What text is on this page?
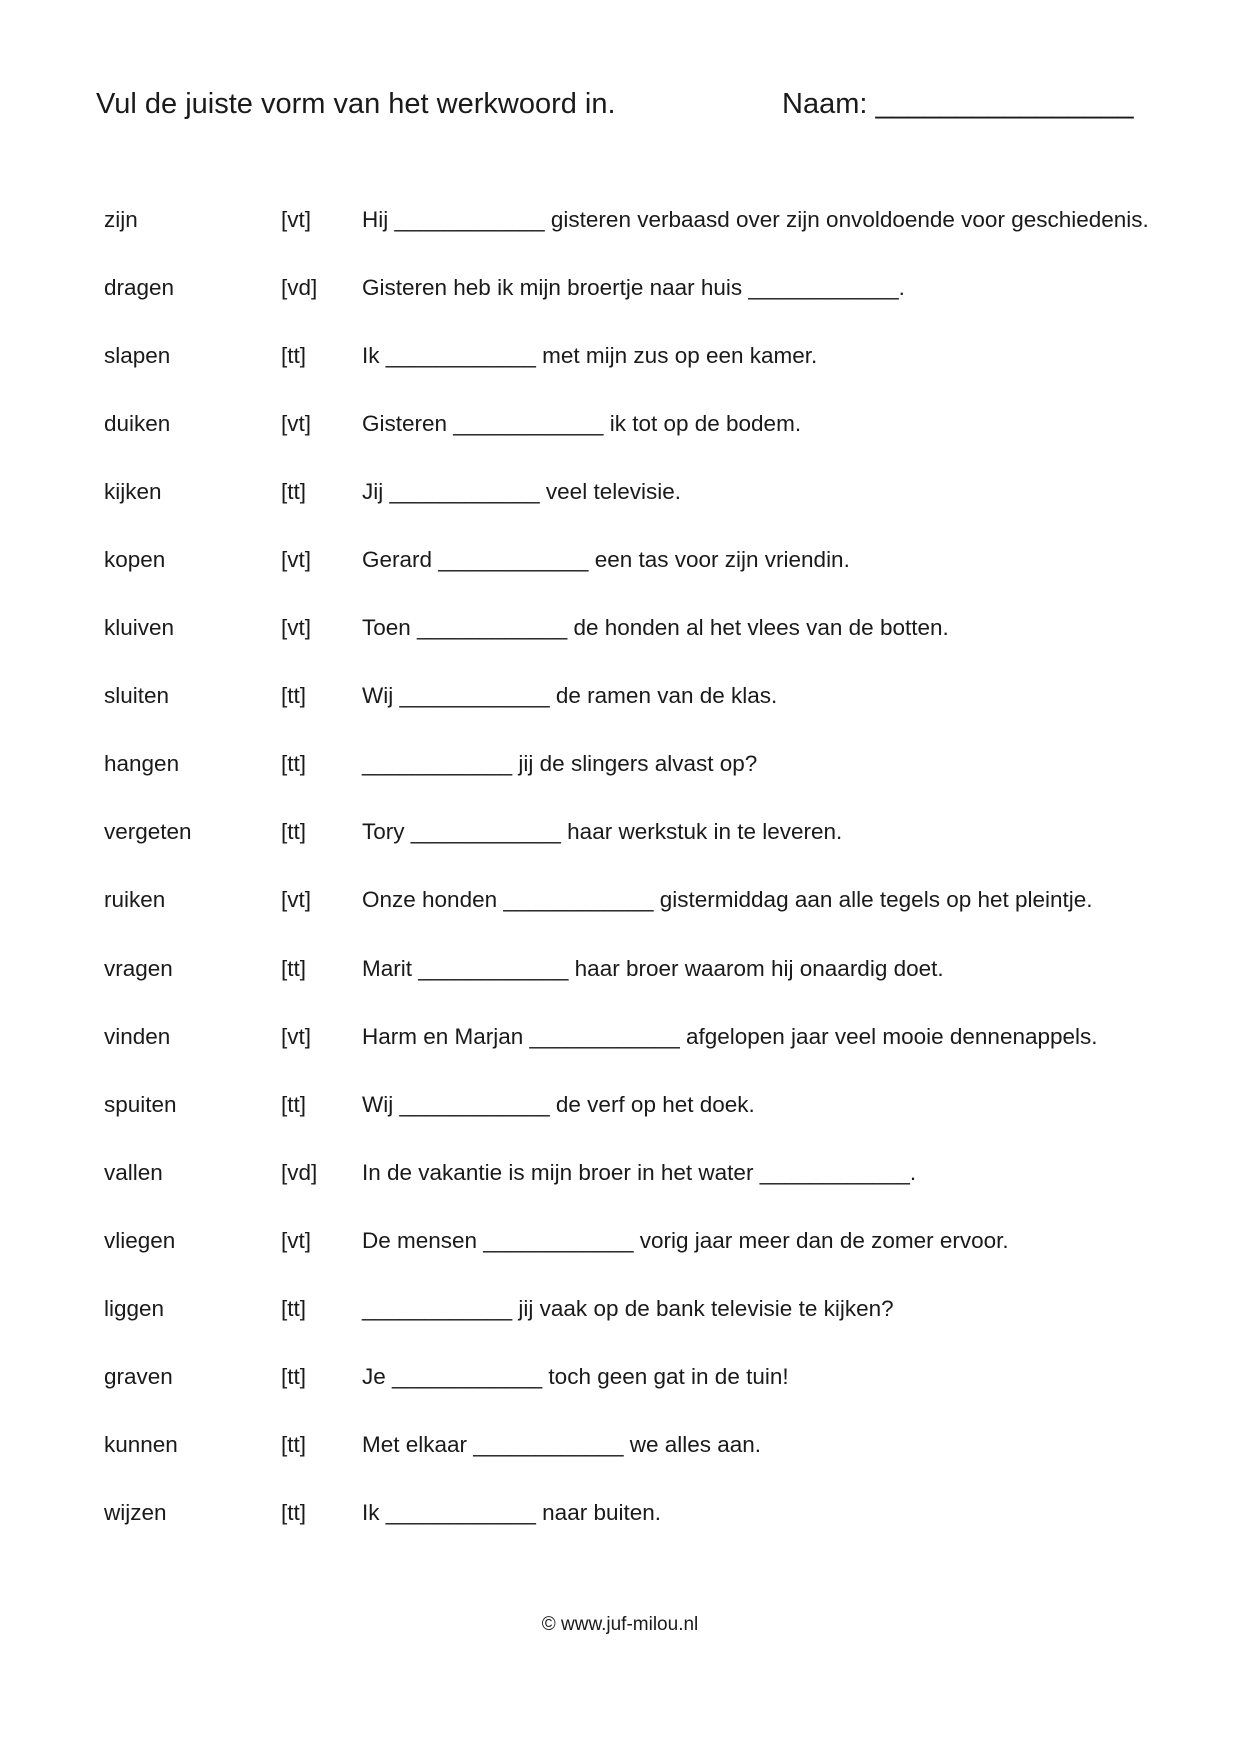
Vul de juiste vorm van het werkwoord in.	Naam: ________________
zijn	[vt] Hij ____________ gisteren verbaasd over zijn onvoldoende voor geschiedenis.
dragen	[vd] Gisteren heb ik mijn broertje naar huis ____________.
slapen	[tt] Ik ____________ met mijn zus op een kamer.
duiken	[vt] Gisteren ____________ ik tot op de bodem.
kijken	[tt] Jij ____________ veel televisie.
kopen	[vt] Gerard ____________ een tas voor zijn vriendin.
kluiven	[vt] Toen ____________ de honden al het vlees van de botten.
sluiten	[tt] Wij ____________ de ramen van de klas.
hangen	[tt] ____________ jij de slingers alvast op?
vergeten	[tt] Tory ____________ haar werkstuk in te leveren.
ruiken	[vt] Onze honden ____________ gistermiddag aan alle tegels op het pleintje.
vragen	[tt] Marit ____________ haar broer waarom hij onaardig doet.
vinden	[vt] Harm en Marjan ____________ afgelopen jaar veel mooie dennenappels.
spuiten	[tt] Wij ____________ de verf op het doek.
vallen	[vd] In de vakantie is mijn broer in het water ____________.
vliegen	[vt] De mensen ____________ vorig jaar meer dan de zomer ervoor.
liggen	[tt] ____________ jij vaak op de bank televisie te kijken?
graven	[tt] Je ____________ toch geen gat in de tuin!
kunnen	[tt] Met elkaar ____________ we alles aan.
wijzen	[tt] Ik ____________ naar buiten.
© www.juf-milou.nl
